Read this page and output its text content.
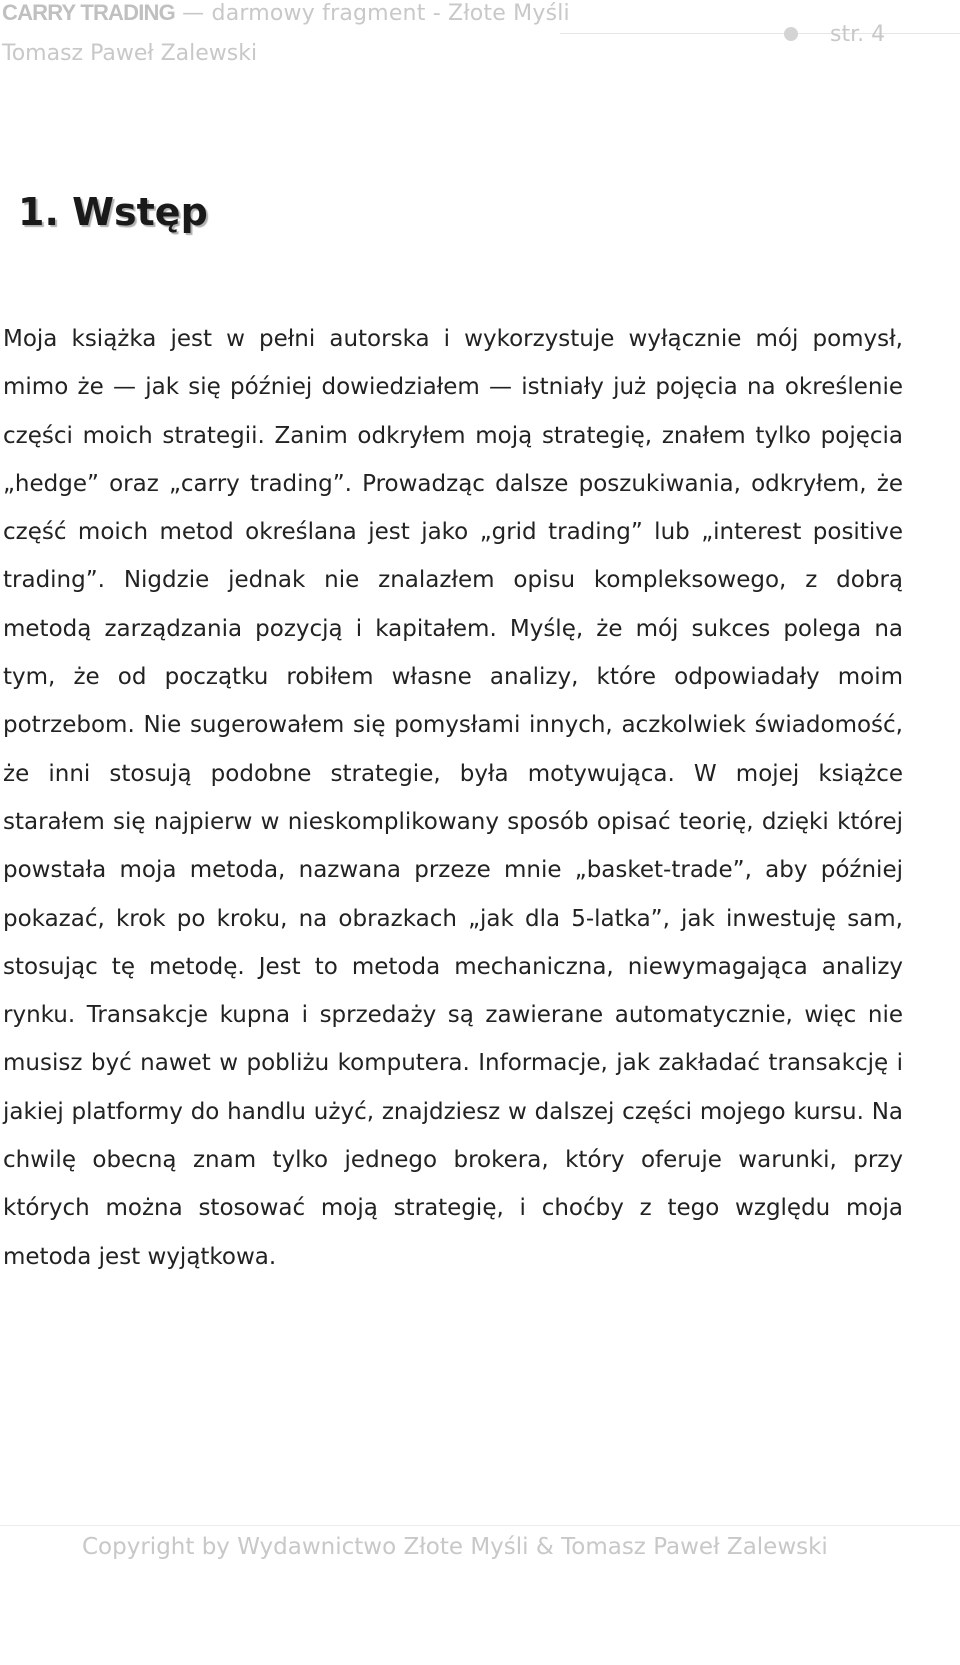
CARRY TRADING — darmowy fragment - Złote Myśli
Tomasz Paweł Zalewski
str. 4
1. Wstęp

Moja książka jest w pełni autorska i wykorzystuje wyłącznie mój pomysł, mimo że — jak się później dowiedziałem — istniały już pojęcia na określenie części moich strategii. Zanim odkryłem moją strategię, znałem tylko pojęcia „hedge” oraz „carry trading”. Prowadząc dalsze poszukiwania, odkryłem, że część moich metod określana jest jako „grid trading” lub „interest positive trading”. Nigdzie jednak nie znalazłem opisu kompleksowego, z dobrą metodą zarządzania pozycją i kapitałem. Myślę, że mój sukces polega na tym, że od początku robiłem własne analizy, które odpowiadały moim potrzebom. Nie sugerowałem się pomysłami innych, aczkolwiek świadomość, że inni stosują podobne strategie, była motywująca. W mojej książce starałem się najpierw w nieskomplikowany sposób opisać teorię, dzięki której powstała moja metoda, nazwana przeze mnie „basket-trade”, aby później pokazać, krok po kroku, na obrazkach „jak dla 5-latka”, jak inwestuję sam, stosując tę metodę. Jest to metoda mechaniczna, niewymagająca analizy rynku. Transakcje kupna i sprzedaży są zawierane automatycznie, więc nie musisz być nawet w pobliżu komputera. Informacje, jak zakładać transakcję i jakiej platformy do handlu użyć, znajdziesz w dalszej części mojego kursu. Na chwilę obecną znam tylko jednego brokera, który oferuje warunki, przy których można stosować moją strategię, i choćby z tego względu moja metoda jest wyjątkowa.

Copyright by Wydawnictwo Złote Myśli & Tomasz Paweł Zalewski
